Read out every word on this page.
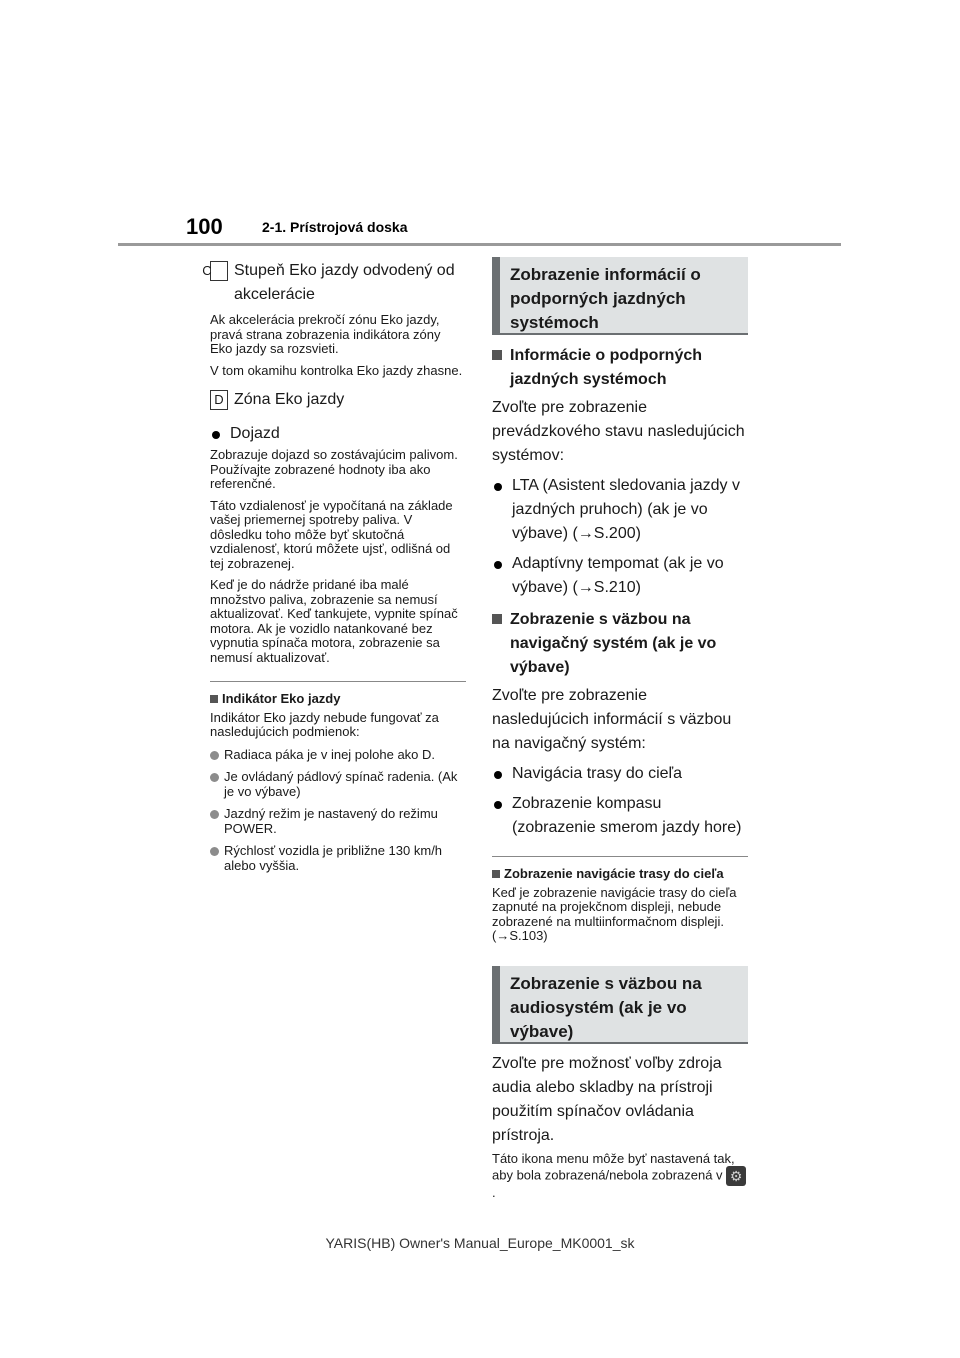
100	2-1. Prístrojová doska
C Stupeň Eko jazdy odvodený od akcelerácie

Ak akcelerácia prekročí zónu Eko jazdy, pravá strana zobrazenia indikátora zóny Eko jazdy sa rozsvieti.

V tom okamihu kontrolka Eko jazdy zhasne.

D Zóna Eko jazdy
Dojazd

Zobrazuje dojazd so zostávajúcim palivom. Používajte zobrazené hodnoty iba ako referenčné.

Táto vzdialenosť je vypočítaná na základe vašej priemernej spotreby paliva. V dôsledku toho môže byť skutočná vzdialenosť, ktorú môžete ujsť, odlišná od tej zobrazenej.

Keď je do nádrže pridané iba malé množstvo paliva, zobrazenie sa nemusí aktualizovať. Keď tankujete, vypnite spínač motora. Ak je vozidlo natankované bez vypnutia spínača motora, zobrazenie sa nemusí aktualizovať.

Indikátor Eko jazdy

Indikátor Eko jazdy nebude fungovať za nasledujúcich podmienok:

Radiaca páka je v inej polohe ako D.
Je ovládaný pádlový spínač radenia. (Ak je vo výbave)
Jazdný režim je nastavený do režimu POWER.
Rýchlosť vozidla je približne 130 km/h alebo vyššia.
Zobrazenie informácií o podporných jazdných systémoch
Informácie o podporných jazdných systémoch

Zvoľte pre zobrazenie prevádzkového stavu nasledujúcich systémov:

LTA (Asistent sledovania jazdy v jazdných pruhoch) (ak je vo výbave) (→S.200)
Adaptívny tempomat (ak je vo výbave) (→S.210)
Zobrazenie s väzbou na navigačný systém (ak je vo výbave)

Zvoľte pre zobrazenie nasledujúcich informácií s väzbou na navigačný systém:

Navigácia trasy do cieľa
Zobrazenie kompasu (zobrazenie smerom jazdy hore)
Zobrazenie navigácie trasy do cieľa

Keď je zobrazenie navigácie trasy do cieľa zapnuté na projekčnom displeji, nebude zobrazené na multiinformačnom displeji. (→S.103)

Zobrazenie s väzbou na audiosystém (ak je vo výbave)

Zvoľte pre možnosť voľby zdroja audia alebo skladby na prístroji použitím spínačov ovládania prístroja.

Táto ikona menu môže byť nastavená tak, aby bola zobrazená/nebola zobrazená v ⚙.

YARIS(HB) Owner's Manual_Europe_MK0001_sk
